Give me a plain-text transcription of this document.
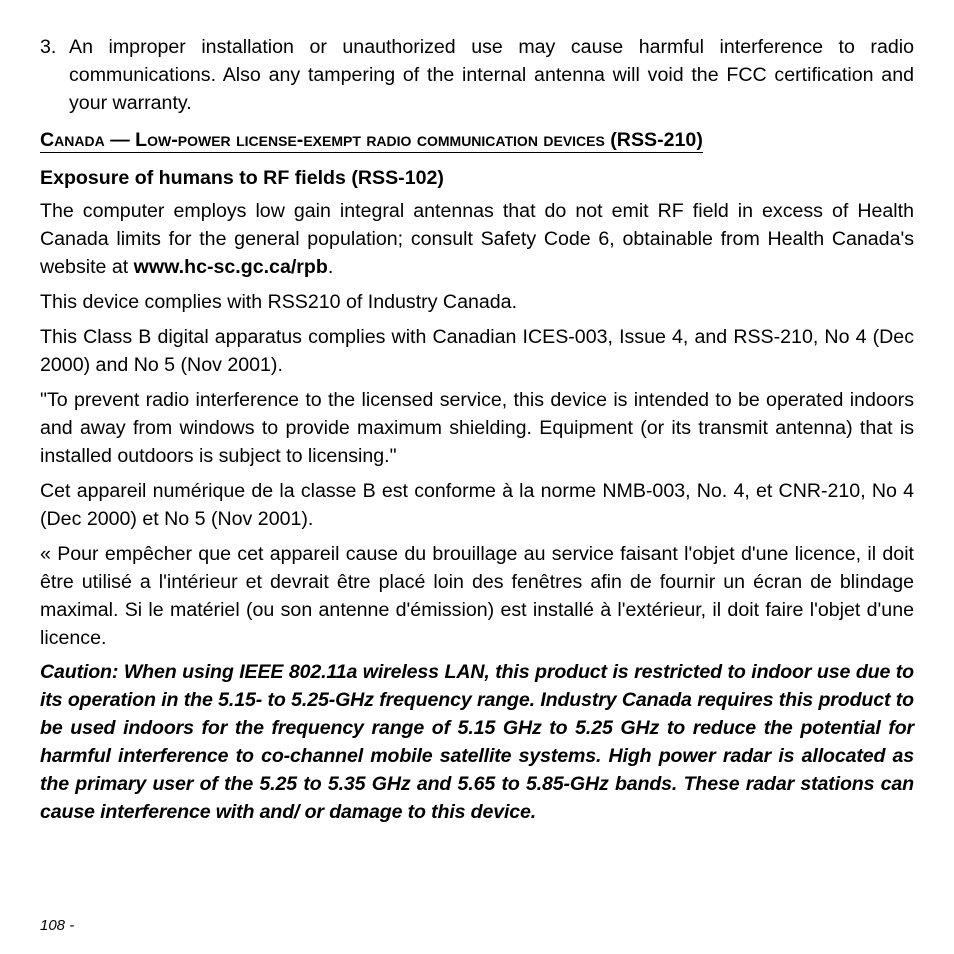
3. An improper installation or unauthorized use may cause harmful interference to radio communications. Also any tampering of the internal antenna will void the FCC certification and your warranty.
Canada — Low-power license-exempt radio communication devices (RSS-210)

Exposure of humans to RF fields (RSS-102)

The computer employs low gain integral antennas that do not emit RF field in excess of Health Canada limits for the general population; consult Safety Code 6, obtainable from Health Canada's website at www.hc-sc.gc.ca/rpb.

This device complies with RSS210 of Industry Canada.

This Class B digital apparatus complies with Canadian ICES-003, Issue 4, and RSS-210, No 4 (Dec 2000) and No 5 (Nov 2001).

"To prevent radio interference to the licensed service, this device is intended to be operated indoors and away from windows to provide maximum shielding. Equipment (or its transmit antenna) that is installed outdoors is subject to licensing."

Cet appareil numérique de la classe B est conforme à la norme NMB-003, No. 4, et CNR-210, No 4 (Dec 2000) et No 5 (Nov 2001).

« Pour empêcher que cet appareil cause du brouillage au service faisant l'objet d'une licence, il doit être utilisé a l'intérieur et devrait être placé loin des fenêtres afin de fournir un écran de blindage maximal. Si le matériel (ou son antenne d'émission) est installé à l'extérieur, il doit faire l'objet d'une licence.

Caution: When using IEEE 802.11a wireless LAN, this product is restricted to indoor use due to its operation in the 5.15- to 5.25-GHz frequency range. Industry Canada requires this product to be used indoors for the frequency range of 5.15 GHz to 5.25 GHz to reduce the potential for harmful interference to co-channel mobile satellite systems. High power radar is allocated as the primary user of the 5.25 to 5.35 GHz and 5.65 to 5.85-GHz bands. These radar stations can cause interference with and/ or damage to this device.

108 -
